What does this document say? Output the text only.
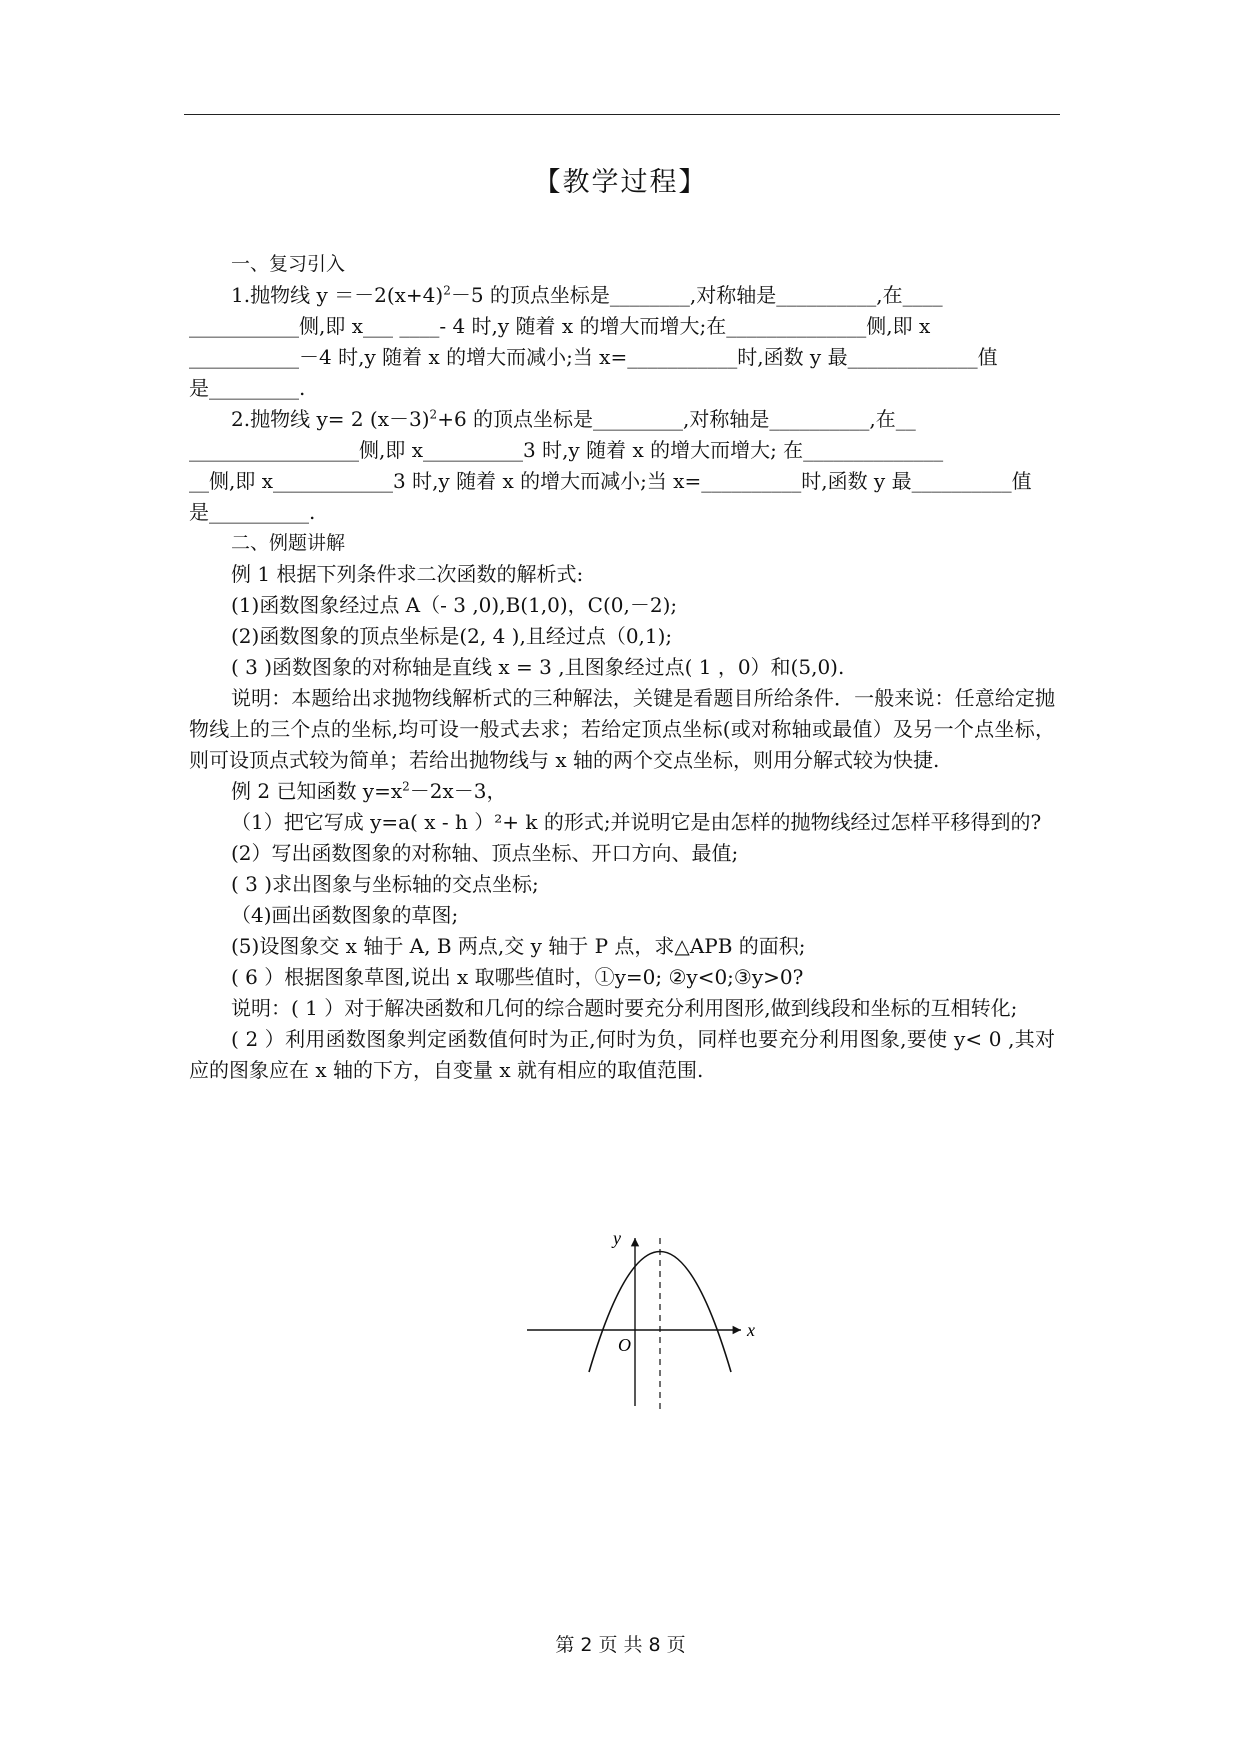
【教学过程】
一、复习引入
1.抛物线 $y =-2(x+4)^2-5$ 的顶点坐标是________,对称轴是__________,在____
___________侧,即 x___ ____- 4 时,y 随着 x 的增大而增大;在______________侧,即 x
___________－4 时,y 随着 x 的增大而减小;当 x=___________时,函数 y 最_____________值
是_________.
2.抛物线 y= 2 $(x-3)^2+6$ 的顶点坐标是_________,对称轴是__________,在__
_________________侧,即 x__________3 时,y 随着 x 的增大而增大; 在______________
__侧,即 x____________3 时,y 随着 x 的增大而减小;当 x=__________时,函数 y 最__________值
是__________.
二、例题讲解
例 1 根据下列条件求二次函数的解析式:
(1)函数图象经过点 A（- 3 ,0),B(1,0)，C(0,－2);
(2)函数图象的顶点坐标是(2, 4 ),且经过点（0,1);
( 3 )函数图象的对称轴是直线 x = 3 ,且图象经过点( 1 ，0）和(5,0).
说明：本题给出求抛物线解析式的三种解法，关键是看题目所给条件．一般来说：任意给定抛物线上的三个点的坐标,均可设一般式去求；若给定顶点坐标(或对称轴或最值）及另一个点坐标，则可设顶点式较为简单；若给出抛物线与 x 轴的两个交点坐标，则用分解式较为快捷.
例 2 已知函数 $y=x^2-2x-3$，
（1）把它写成 y=a( x - h ）²+ k 的形式;并说明它是由怎样的抛物线经过怎样平移得到的?
(2）写出函数图象的对称轴、顶点坐标、开口方向、最值;
( 3 )求出图象与坐标轴的交点坐标;
（4)画出函数图象的草图;
(5)设图象交 x 轴于 A, B 两点,交 y 轴于 P 点，求△APB 的面积;
( 6 ）根据图象草图,说出 x 取哪些值时，①y=0; ②y<0;③y>0?
说明：( 1 ）对于解决函数和几何的综合题时要充分利用图形,做到线段和坐标的互相转化;
( 2 ）利用函数图象判定函数值何时为正,何时为负，同样也要充分利用图象,要使 y< 0 ,其对应的图象应在 x 轴的下方，自变量 x 就有相应的取值范围.
y
x
O
第 2 页 共 8 页
